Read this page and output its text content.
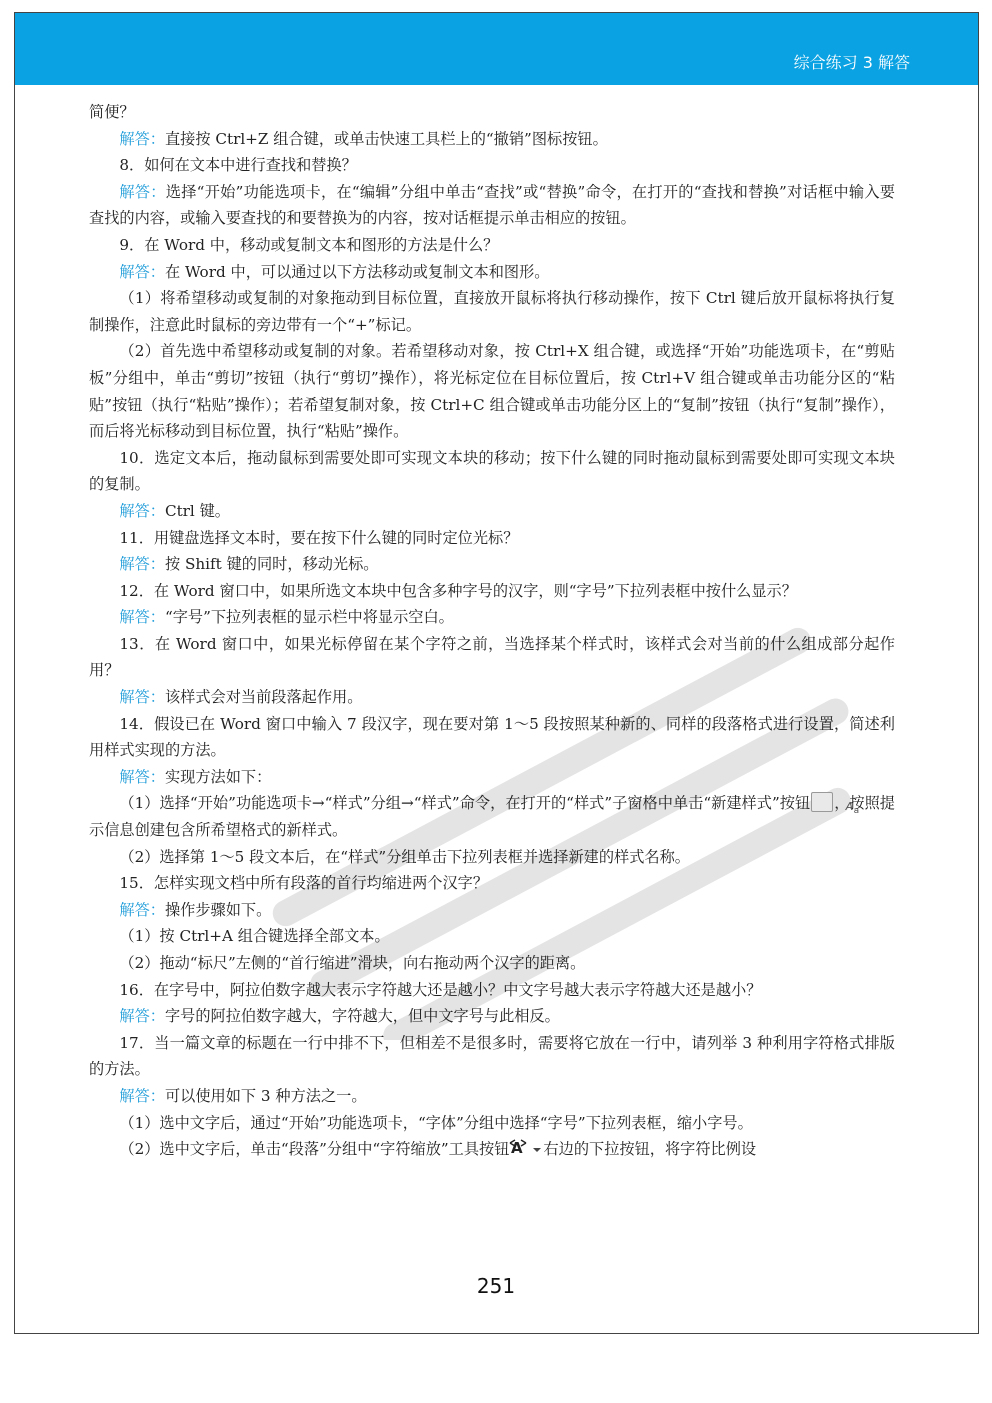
综合练习 3 解答

简便？

解答：直接按 Ctrl+Z 组合键，或单击快速工具栏上的“撤销”图标按钮。

8．如何在文本中进行查找和替换？

解答：选择“开始”功能选项卡，在“编辑”分组中单击“查找”或“替换”命令，在打开的“查找和替换”对话框中输入要查找的内容，或输入要查找的和要替换为的内容，按对话框提示单击相应的按钮。

9．在 Word 中，移动或复制文本和图形的方法是什么？

解答：在 Word 中，可以通过以下方法移动或复制文本和图形。

（1）将希望移动或复制的对象拖动到目标位置，直接放开鼠标将执行移动操作，按下 Ctrl 键后放开鼠标将执行复制操作，注意此时鼠标的旁边带有一个“+”标记。

（2）首先选中希望移动或复制的对象。若希望移动对象，按 Ctrl+X 组合键，或选择“开始”功能选项卡，在“剪贴板”分组中，单击“剪切”按钮（执行“剪切”操作），将光标定位在目标位置后，按 Ctrl+V 组合键或单击功能分区的“粘贴”按钮（执行“粘贴”操作）；若希望复制对象，按 Ctrl+C 组合键或单击功能分区上的“复制”按钮（执行“复制”操作），而后将光标移动到目标位置，执行“粘贴”操作。

10．选定文本后，拖动鼠标到需要处即可实现文本块的移动；按下什么键的同时拖动鼠标到需要处即可实现文本块的复制。

解答：Ctrl 键。

11．用键盘选择文本时，要在按下什么键的同时定位光标？

解答：按 Shift 键的同时，移动光标。

12．在 Word 窗口中，如果所选文本块中包含多种字号的汉字，则“字号”下拉列表框中按什么显示？

解答：“字号”下拉列表框的显示栏中将显示空白。

13．在 Word 窗口中，如果光标停留在某个字符之前，当选择某个样式时，该样式会对当前的什么组成部分起作用？

解答：该样式会对当前段落起作用。

14．假设已在 Word 窗口中输入 7 段汉字，现在要对第 1～5 段按照某种新的、同样的段落格式进行设置，简述利用样式实现的方法。

解答：实现方法如下：

（1）选择“开始”功能选项卡→“样式”分组→“样式”命令，在打开的“样式”子窗格中单击“新建样式”按钮A a ，按照提示信息创建包含所希望格式的新样式。

（2）选择第 1～5 段文本后，在“样式”分组单击下拉列表框并选择新建的样式名称。

15．怎样实现文档中所有段落的首行均缩进两个汉字？

解答：操作步骤如下。

（1）按 Ctrl+A 组合键选择全部文本。

（2）拖动“标尺”左侧的“首行缩进”滑块，向右拖动两个汉字的距离。

16．在字号中，阿拉伯数字越大表示字符越大还是越小？中文字号越大表示字符越大还是越小？

解答：字号的阿拉伯数字越大，字符越大，但中文字号与此相反。

17．当一篇文章的标题在一行中排不下，但相差不是很多时，需要将它放在一行中，请列举 3 种利用字符格式排版的方法。

解答：可以使用如下 3 种方法之一。

（1）选中文字后，通过“开始”功能选项卡，“字体”分组中选择“字号”下拉列表框，缩小字号。

（2）选中文字后，单击“段落”分组中“字符缩放”工具按钮 A 右边的下拉按钮，将字符比例设

251
